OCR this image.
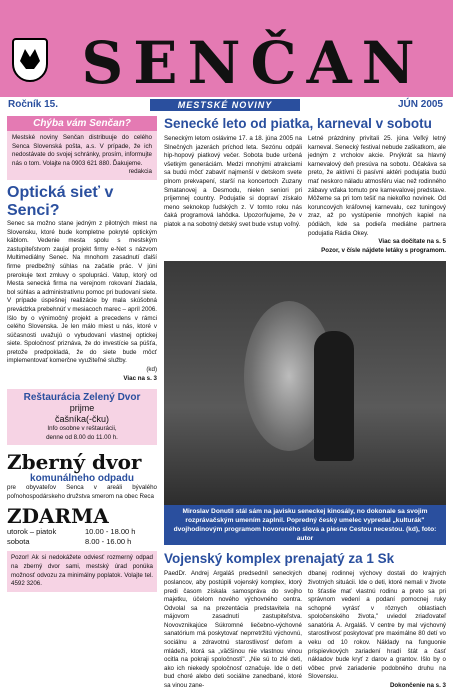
SENČAN
Ročník 15.	MESTSKÉ NOVINY	JÚN 2005
Chýba vám Senčan?

Mestské noviny Senčan distribuuje do celého Senca Slovenská pošta, a.s. V prípade, že ich nedostávate do svojej schránky, prosím, informujte nás o tom. Volajte na 0903 621 880. Ďakujeme.

redakcia

Optická sieť v Senci?

Senec sa možno stane jedným z pilotných miest na Slovensku, ktoré bude kompletne pokryté optickým káblom. Vedenie mesta spolu s mestským zastupiteľstvom zaujal projekt firmy e-Net s názvom Multimediálny Senec. Na mnohom zasadnutí ďalší firme predbežný súhlas na začatie prác. V júni prerokuje text zmluvy o spolupráci. Vatup, ktorý od Mesta senecká firma na verejnom rokovaní žiadala, bol súhlas a administratívnu pomoc pri budovaní siete. V prípade úspešnej realizácie by mala skúšobná prevádzka prebehnúť v mesiacoch marec – apríl 2006. Išlo by o výnimočný projekt a precedens v rámci celého Slovenska. Je len málo miest u nás, ktoré v súčasnosti uvažujú o vybudovaní vlastnej optickej siete. Spoločnosť priznáva, že do investície sa púšťa, pretože predpokladá, že do siete bude môcť implementovať komerčne využiteľné služby.

(kd)

Viac na s. 3

Reštaurácia Zelený Dvor
prijme
čašníka(-čku)
Info osobne v reštaurácii,
denne od 8.00 do 11.00 h.
Zberný dvor
komunálneho odpadu

pre obyvateľov Senca v areáli bývalého poľnohospodárskeho družstva smerom na obec Reca

ZDARMA
utorok – piatok	10.00 - 18.00 h
sobota	8.00 - 16.00 h

Pozor! Ak si nedokážete odviesť rozmerný odpad na zberný dvor sami, mestský úrad ponúka možnosť odvozu za minimálny poplatok. Volajte tel. 4592 3206.

Senecké leto od piatka, karneval v sobotu

Seneckým letom oslávime 17. a 18. júna 2005 na Slnečných jazerách príchod leta. Sezónu odpáli hip-hopový piatkový večer. Sobota bude určená všetkým generáciám. Medzi mnohými atrakciami sa budú môcť zabaviť najmenší v detskom svete plnom prekvapení, starší na koncertoch Zuzany Smatanovej a Desmodu, nielen seniori pri príjemnej country. Podujatie si dopraví získalo meno seknokop ľudských z. V tomto roku nás čaká programová lahôdka. Upozorňujeme, že v piatok a na sobotný detský svet bude vstup voľný.

Letné prázdniny privítali 25. júna Veľký letný karneval. Senecký festival nebude zaškatkom, ale jedným z vrcholov akcie. Prvýkrát sa hlavný karnevalový deň presúva na sobotu. Očakáva sa preto, že aktívni či pasívni aktéri podujatia budú mať neskoro náladu atmosféru viac než rodinného zábavy vďaka tomuto pre karnevalovej predstave. Môžeme sa pri tom tešiť na niekoľko novinek. Od koruncových kráľovnej karnevalu, cez tuningový zraz, až po vystúpenie mnohých kapiel na pódiách, kde sa podieľa mediálne partnera podujatia Rádia Okey.

Viac sa dočítate na s. 5

Pozor, v čísle nájdete letáky s programom.

Miroslav Donutil stál sám na javisku seneckej kinosály, no dokonale sa svojim rozprávačským umením zaplnil. Popredný český umelec vypredal „kulturák" dvojhodinovým programom hovoreného slova a piesne Cestou necestou. (kd), foto: autor
Vojenský komplex prenajatý za 1 Sk

PaedDr. Andrej Argaláš predsedníl seneckých poslancov, aby postúpili vojenský komplex, ktorý predi časom získala samospráva do svojho majetku, účelom nového výchovného centra. Odvolal sa na prezentácia predstavitela na májovom zasadnutí zastupiteľstva. Novovznikajúce Súkromné liečebno-výchovné sanatórium má poskytovať neprretržitú výchovnú, sociálnu a zdravotnú starostlivosť deťom a mládeži, ktorá sa „väčšinou nie vlastnou vinou ocitla na pokraji spoločnosti". „Nie sú to zlé deti, ako ich niekedy spoločnosť označuje. Ide o deti bud choré alebo deti sociálne zanedbané, ktoré sa vinou zane-

dbanej rodinnej výchovy dostali do krajných životných situácii. Ide o deti, ktoré nemali v živote to šťastie mať vlastnú rodinu a preto sa pri správnom vedení a podaní pomocnej ruky schopné vyrásť v rôznych oblastiach spoločenského života," uviedol zriaďovateľ sanatória A. Argaláš. V centre by mal výchovný starostlivosť poskytovať pre maximálne 80 detí vo veku od 10 rokov. Náklady na funguonie prispievkových zariadení hradí štát a časť nákladov bude kryť z darov a grantov. Išlo by o vôbec prvé zariadenie podobného druhu na Slovensku.

Dokončenie na s. 3
